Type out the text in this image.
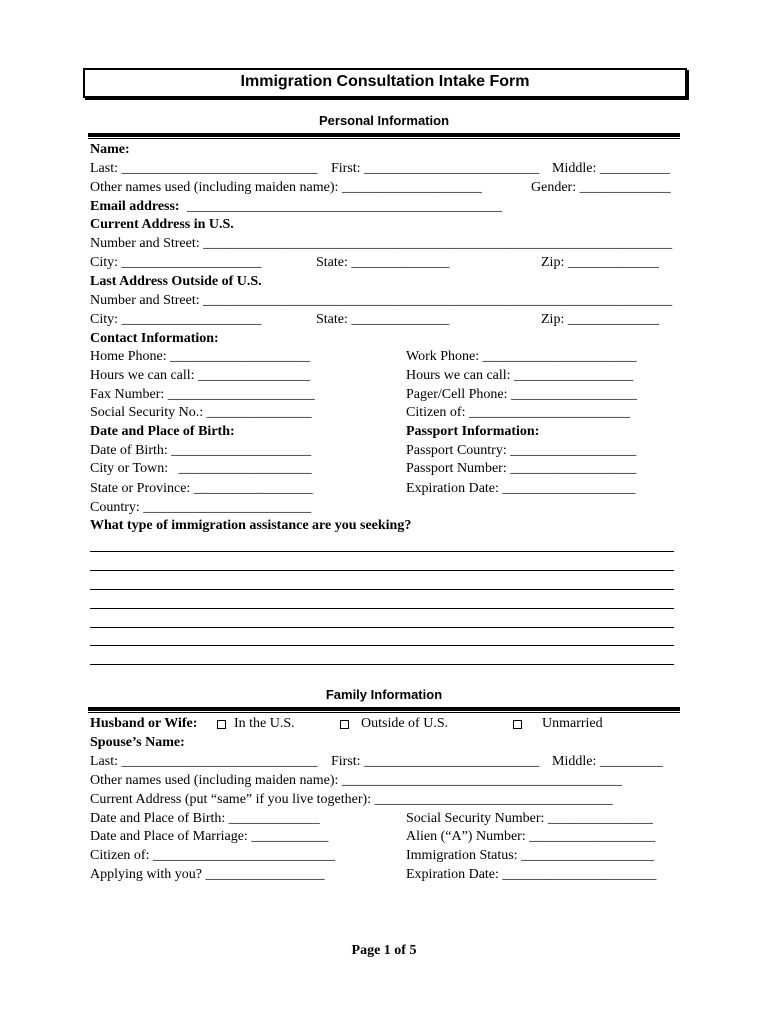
Immigration Consultation Intake Form
Personal Information
Name:
Last: ____________________________ First: _________________________ Middle: __________
Other names used (including maiden name): ____________________	Gender: _____________
Email address: _____________________________________________
Current Address in U.S.
Number and Street: ___________________________________________________________________
City: ____________________	State: ______________	Zip: _____________
Last Address Outside of U.S.
Number and Street: ___________________________________________________________________
City: ____________________	State: ______________	Zip: _____________
Contact Information:
Home Phone: ____________________	Work Phone: ______________________
Hours we can call: ________________	Hours we can call: _________________
Fax Number: _____________________	Pager/Cell Phone: __________________
Social Security No.: _______________	Citizen of: _______________________
Date and Place of Birth:	Passport Information:
Date of Birth: ____________________	Passport Country: __________________
City or Town:   ___________________	Passport Number: __________________
State or Province: _________________	Expiration Date: ___________________
Country: ________________________
What type of immigration assistance are you seeking?
Family Information
Husband or Wife:	In the U.S.	Outside of U.S.	Unmarried
Spouse’s Name:
Last: ____________________________ First: _________________________ Middle: _________
Other names used (including maiden name): ________________________________________
Current Address (put “same” if you live together): __________________________________
Date and Place of Birth: _____________	Social Security Number: _______________
Date and Place of Marriage: ___________	Alien (“A”) Number: __________________
Citizen of: __________________________	Immigration Status: ___________________
Applying with you? _________________	Expiration Date: ______________________
Page 1 of 5
